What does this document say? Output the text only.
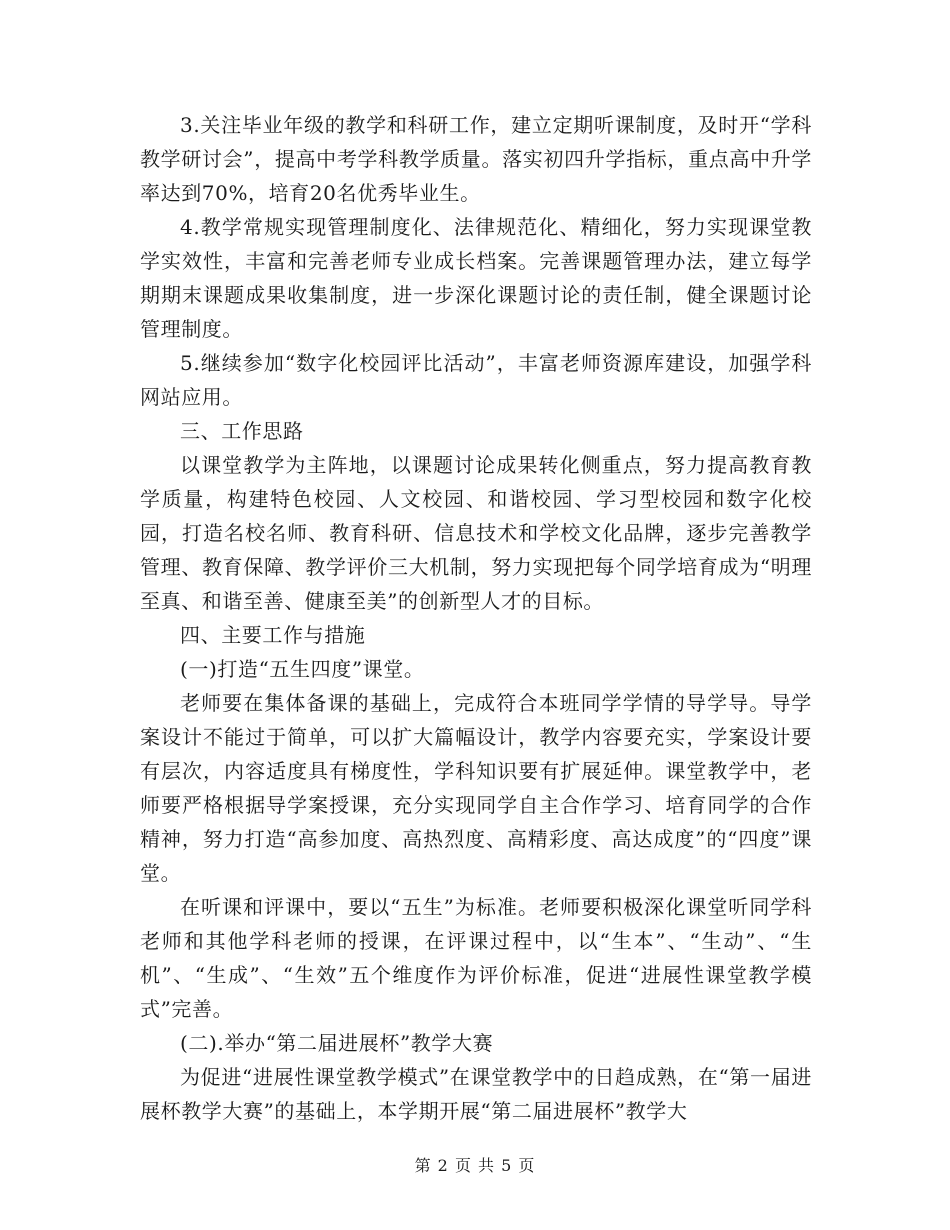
3.关注毕业年级的教学和科研工作，建立定期听课制度，及时开“学科教学研讨会”，提高中考学科教学质量。落实初四升学指标，重点高中升学率达到70%，培育20名优秀毕业生。

4.教学常规实现管理制度化、法律规范化、精细化，努力实现课堂教学实效性，丰富和完善老师专业成长档案。完善课题管理办法，建立每学期期末课题成果收集制度，进一步深化课题讨论的责任制，健全课题讨论管理制度。

5.继续参加“数字化校园评比活动”，丰富老师资源库建设，加强学科网站应用。

三、工作思路

以课堂教学为主阵地，以课题讨论成果转化侧重点，努力提高教育教学质量，构建特色校园、人文校园、和谐校园、学习型校园和数字化校园，打造名校名师、教育科研、信息技术和学校文化品牌，逐步完善教学管理、教育保障、教学评价三大机制，努力实现把每个同学培育成为“明理至真、和谐至善、健康至美”的创新型人才的目标。

四、主要工作与措施

(一)打造“五生四度”课堂。

老师要在集体备课的基础上，完成符合本班同学学情的导学导。导学案设计不能过于简单，可以扩大篇幅设计，教学内容要充实，学案设计要有层次，内容适度具有梯度性，学科知识要有扩展延伸。课堂教学中，老师要严格根据导学案授课，充分实现同学自主合作学习、培育同学的合作精神，努力打造“高参加度、高热烈度、高精彩度、高达成度”的“四度”课堂。

在听课和评课中，要以“五生”为标准。老师要积极深化课堂听同学科老师和其他学科老师的授课，在评课过程中，以“生本”、“生动”、“生机”、“生成”、“生效”五个维度作为评价标准，促进“进展性课堂教学模式”完善。

(二).举办“第二届进展杯”教学大赛

为促进“进展性课堂教学模式”在课堂教学中的日趋成熟，在“第一届进展杯教学大赛”的基础上，本学期开展“第二届进展杯”教学大

第 2 页 共 5 页
